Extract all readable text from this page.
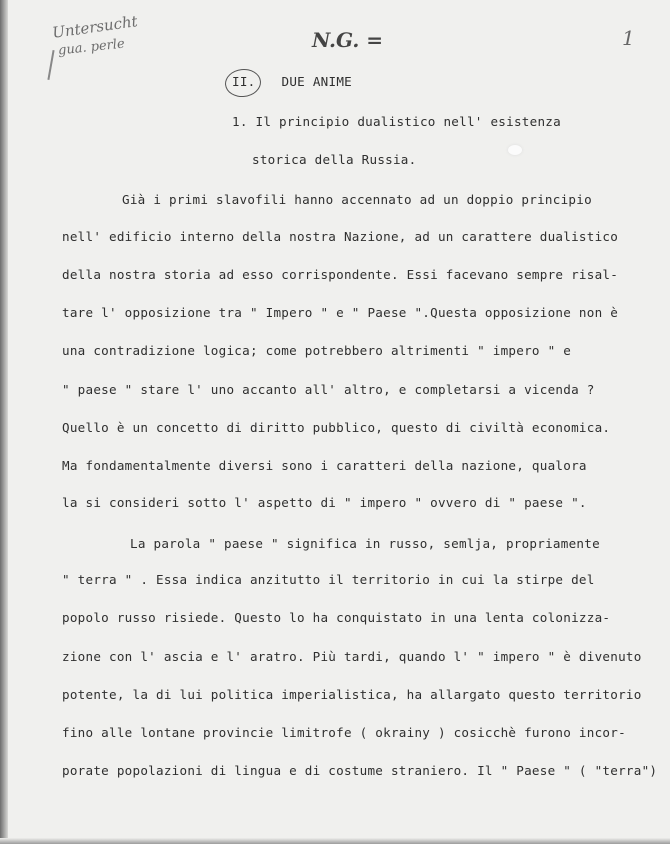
Untersucht
gua. perle	N.G. =	1
II. DUE ANIME
1. Il principio dualistico nell' esistenza
storica della Russia.
Già i primi slavofili hanno accennato ad un doppio principio
nell' edificio interno della nostra Nazione, ad un carattere dualistico
della nostra storia ad esso corrispondente. Essi facevano sempre risal-
tare l' opposizione tra " Impero " e " Paese ".Questa opposizione non è
una contradizione logica; come potrebbero altrimenti " impero " e
" paese " stare l' uno accanto all' altro, e completarsi a vicenda ?
Quello è un concetto di diritto pubblico, questo di civiltà economica.
Ma fondamentalmente diversi sono i caratteri della nazione, qualora
la si consideri sotto l' aspetto di " impero " ovvero di " paese ".
La parola " paese " significa in russo, semlja, propriamente
" terra " . Essa indica anzitutto il territorio in cui la stirpe del
popolo russo risiede. Questo lo ha conquistato in una lenta colonizza-
zione con l' ascia e l' aratro. Più tardi, quando l' " impero " è divenuto
potente, la di lui politica imperialistica, ha allargato questo territorio
fino alle lontane provincie limitrofe ( okrainy ) cosicchè furono incor-
porate popolazioni di lingua e di costume straniero. Il " Paese " ( "terra")
